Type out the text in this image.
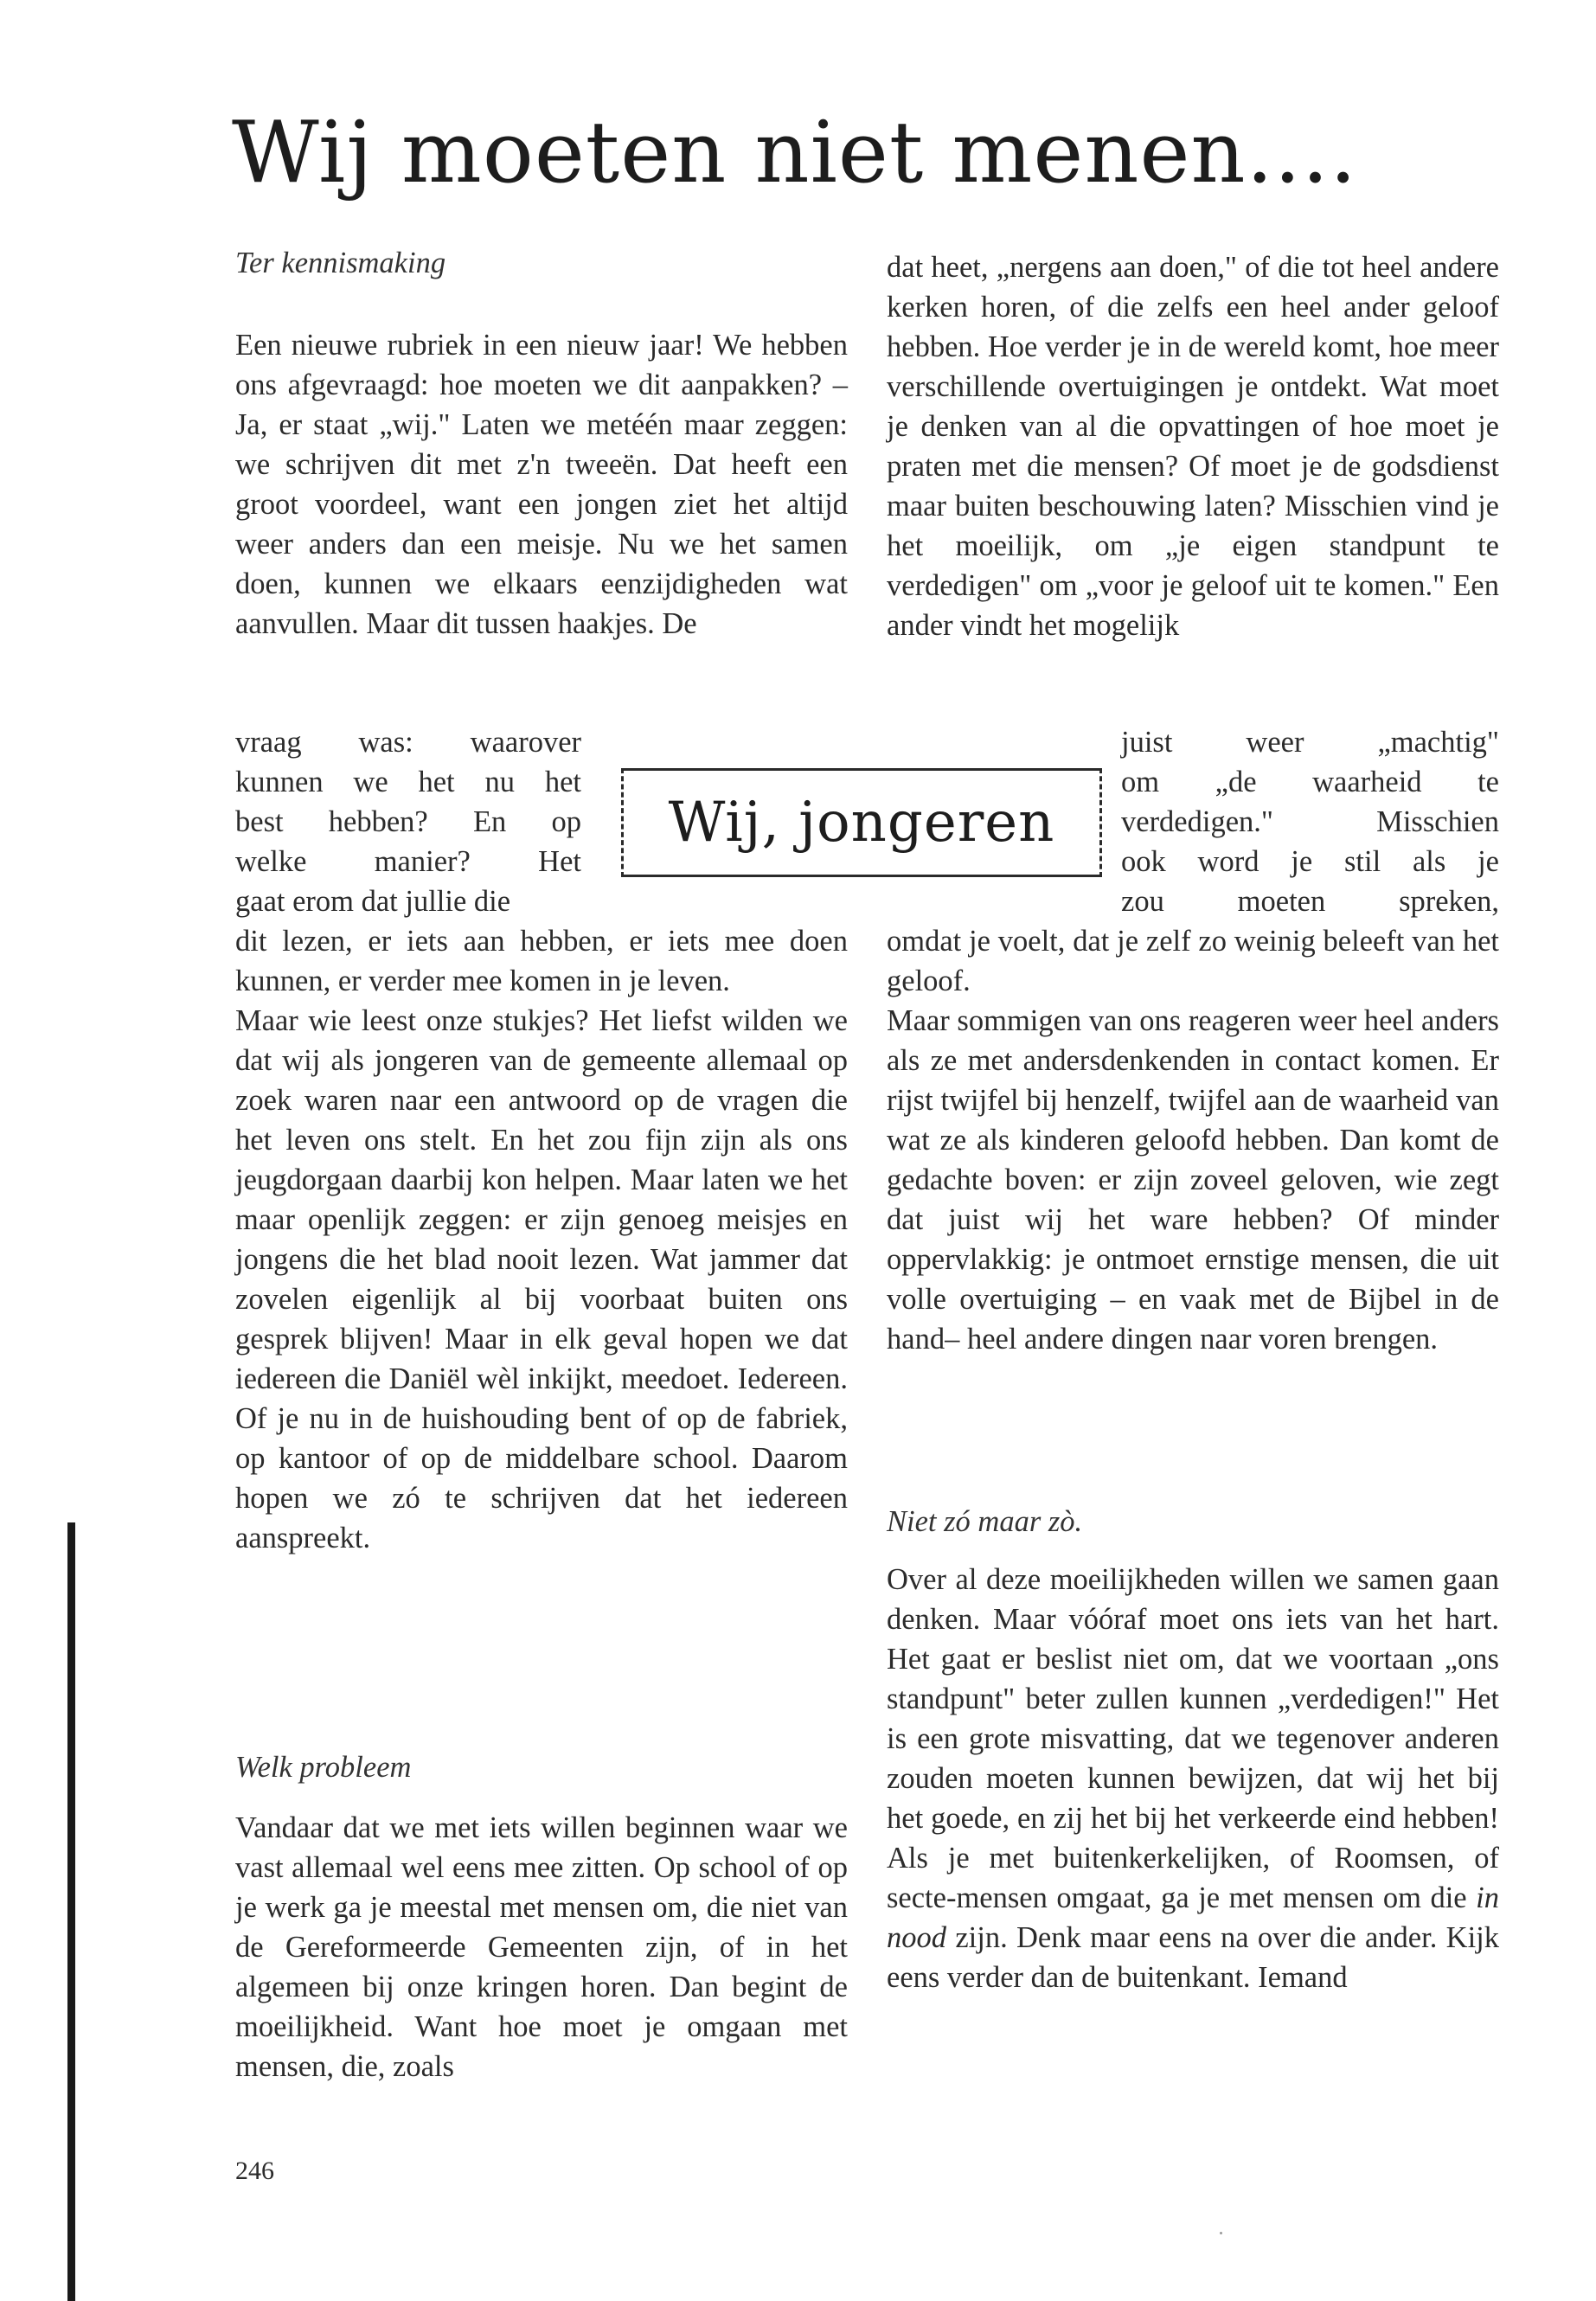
Wij moeten niet menen....

Ter kennismaking

Een nieuwe rubriek in een nieuw jaar! We hebben ons afgevraagd: hoe moeten we dit aanpakken? – Ja, er staat „wij." Laten we metéén maar zeggen: we schrijven dit met z'n tweeën. Dat heeft een groot voordeel, want een jongen ziet het altijd weer anders dan een meisje. Nu we het samen doen, kunnen we elkaars eenzijdigheden wat aanvullen. Maar dit tussen haakjes. De

vraag was: waarover
kunnen we het nu het
best hebben? En op
welke manier? Het
gaat erom dat jullie die

dit lezen, er iets aan hebben, er iets mee doen kunnen, er verder mee komen in je leven.

Maar wie leest onze stukjes? Het liefst wilden we dat wij als jongeren van de gemeente allemaal op zoek waren naar een antwoord op de vragen die het leven ons stelt. En het zou fijn zijn als ons jeugdorgaan daarbij kon helpen. Maar laten we het maar openlijk zeggen: er zijn genoeg meisjes en jongens die het blad nooit lezen. Wat jammer dat zovelen eigenlijk al bij voorbaat buiten ons gesprek blijven! Maar in elk geval hopen we dat iedereen die Daniël wèl inkijkt, meedoet. Iedereen. Of je nu in de huishouding bent of op de fabriek, op kantoor of op de middelbare school. Daarom hopen we zó te schrijven dat het iedereen aanspreekt.

Welk probleem

Vandaar dat we met iets willen beginnen waar we vast allemaal wel eens mee zitten. Op school of op je werk ga je meestal met mensen om, die niet van de Gereformeerde Gemeenten zijn, of in het algemeen bij onze kringen horen. Dan begint de moeilijkheid. Want hoe moet je omgaan met mensen, die, zoals

Wij, jongeren

dat heet, „nergens aan doen," of die tot heel andere kerken horen, of die zelfs een heel ander geloof hebben. Hoe verder je in de wereld komt, hoe meer verschillende overtuigingen je ontdekt. Wat moet je denken van al die opvattingen of hoe moet je praten met die mensen? Of moet je de godsdienst maar buiten beschouwing laten? Misschien vind je het moeilijk, om „je eigen standpunt te verdedigen" om „voor je geloof uit te komen." Een ander vindt het mogelijk

juist weer „machtig"
om „de waarheid te
verdedigen." Misschien
ook word je stil als je
zou moeten spreken,

omdat je voelt, dat je zelf zo weinig beleeft van het geloof.

Maar sommigen van ons reageren weer heel anders als ze met andersdenkenden in contact komen. Er rijst twijfel bij henzelf, twijfel aan de waarheid van wat ze als kinderen geloofd hebben. Dan komt de gedachte boven: er zijn zoveel geloven, wie zegt dat juist wij het ware hebben? Of minder oppervlakkig: je ontmoet ernstige mensen, die uit volle overtuiging – en vaak met de Bijbel in de hand– heel andere dingen naar voren brengen.

Niet zó maar zò.

Over al deze moeilijkheden willen we samen gaan denken. Maar vóóraf moet ons iets van het hart. Het gaat er beslist niet om, dat we voortaan „ons standpunt" beter zullen kunnen „verdedigen!" Het is een grote misvatting, dat we tegenover anderen zouden moeten kunnen bewijzen, dat wij het bij het goede, en zij het bij het verkeerde eind hebben! Als je met buitenkerkelijken, of Roomsen, of secte-mensen omgaat, ga je met mensen om die in nood zijn. Denk maar eens na over die ander. Kijk eens verder dan de buitenkant. Iemand

246
